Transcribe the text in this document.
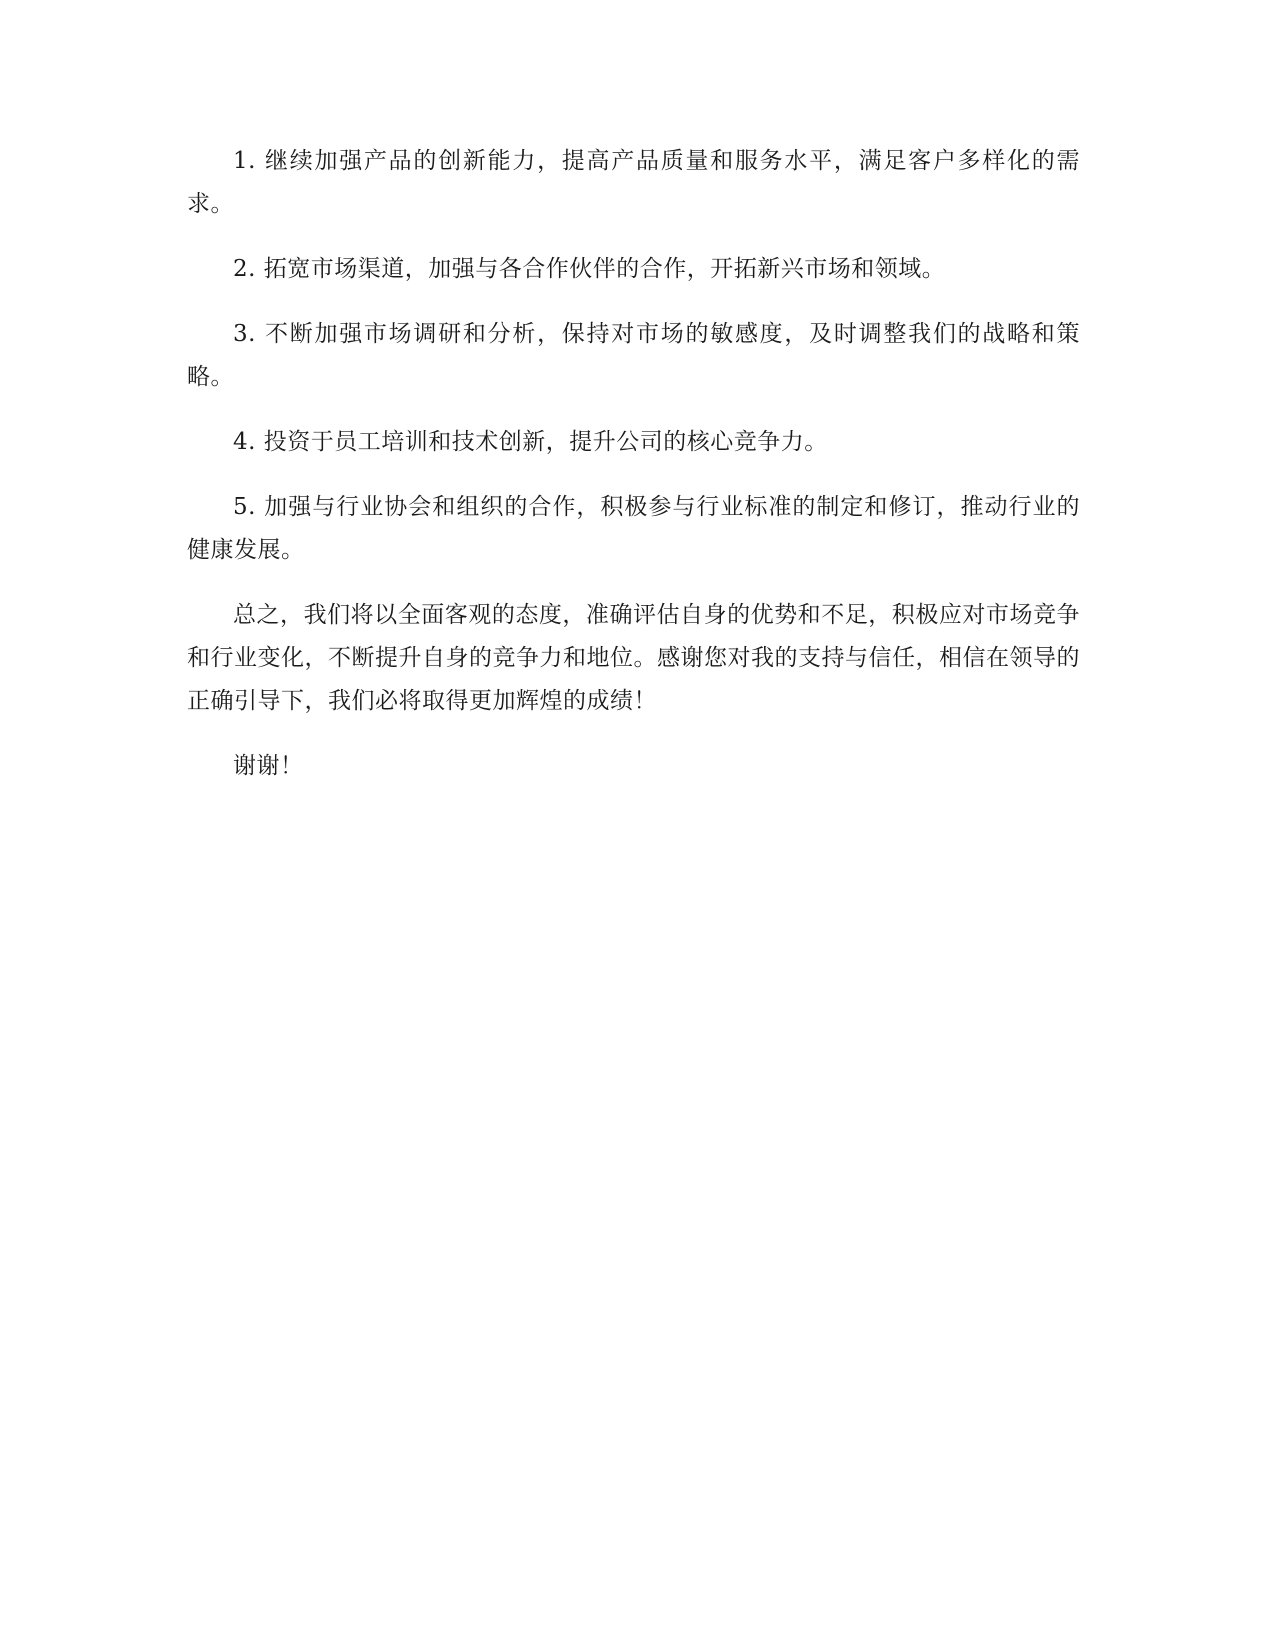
1. 继续加强产品的创新能力，提高产品质量和服务水平，满足客户多样化的需求。

2. 拓宽市场渠道，加强与各合作伙伴的合作，开拓新兴市场和领域。

3. 不断加强市场调研和分析，保持对市场的敏感度，及时调整我们的战略和策略。

4. 投资于员工培训和技术创新，提升公司的核心竞争力。

5. 加强与行业协会和组织的合作，积极参与行业标准的制定和修订，推动行业的健康发展。

总之，我们将以全面客观的态度，准确评估自身的优势和不足，积极应对市场竞争和行业变化，不断提升自身的竞争力和地位。感谢您对我的支持与信任，相信在领导的正确引导下，我们必将取得更加辉煌的成绩！

谢谢！
